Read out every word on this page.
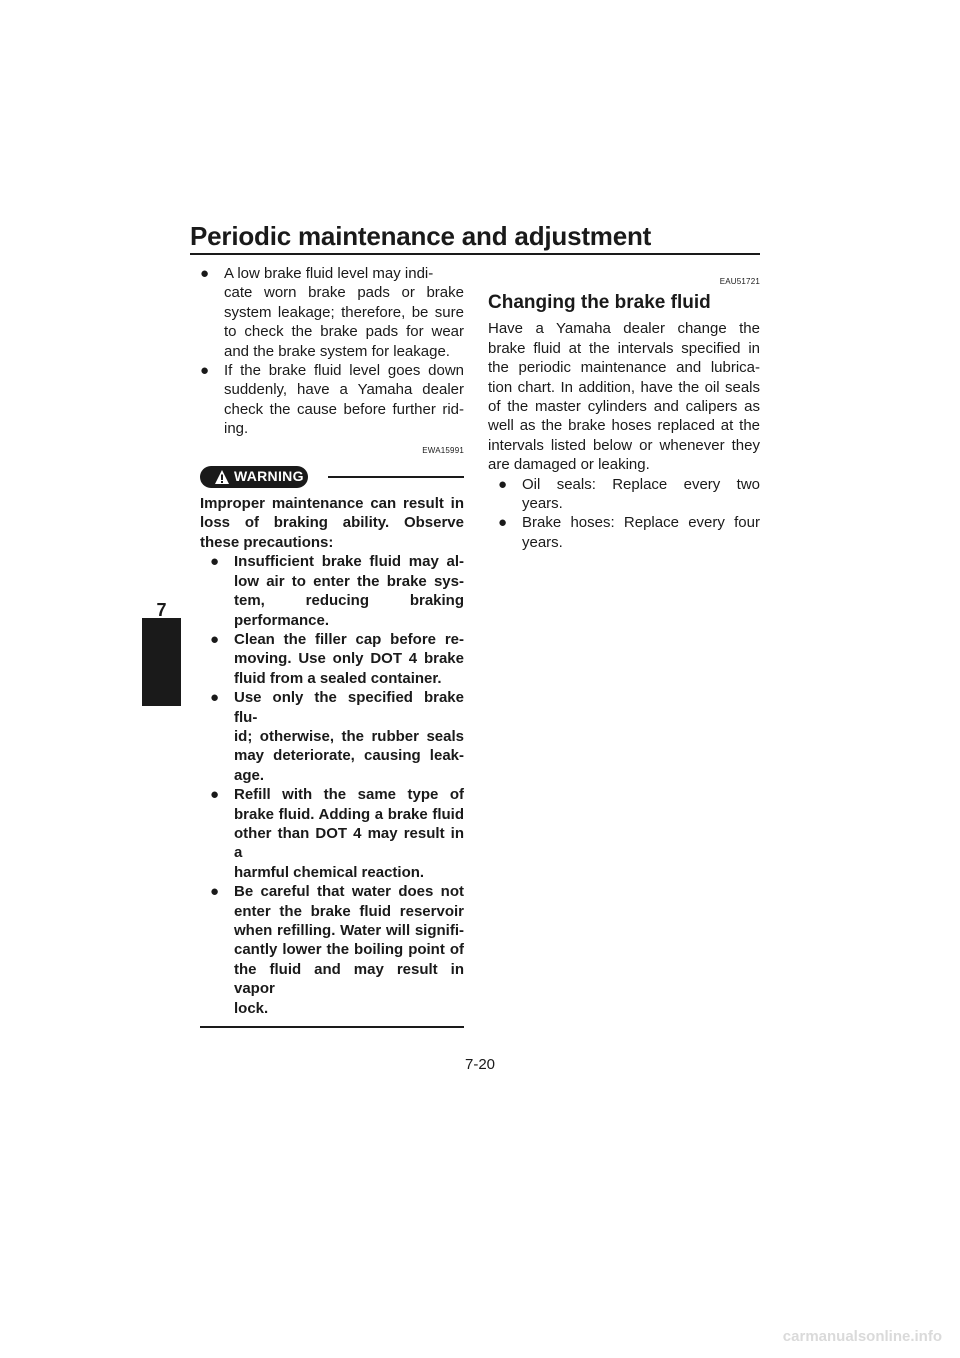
Periodic maintenance and adjustment
7
● A low brake fluid level may indi-
cate worn brake pads or brake
system leakage; therefore, be sure
to check the brake pads for wear
and the brake system for leakage.
● If the brake fluid level goes down
suddenly, have a Yamaha dealer
check the cause before further rid-
ing.
EWA15991
WARNING
Improper maintenance can result in
loss of braking ability. Observe
these precautions:
● Insufficient brake fluid may al-
low air to enter the brake sys-
tem, reducing braking
performance.
● Clean the filler cap before re-
moving. Use only DOT 4 brake
fluid from a sealed container.
● Use only the specified brake flu-
id; otherwise, the rubber seals
may deteriorate, causing leak-
age.
● Refill with the same type of
brake fluid. Adding a brake fluid
other than DOT 4 may result in a
harmful chemical reaction.
● Be careful that water does not
enter the brake fluid reservoir
when refilling. Water will signifi-
cantly lower the boiling point of
the fluid and may result in vapor
lock.
EAU51721
Changing the brake fluid
Have a Yamaha dealer change the
brake fluid at the intervals specified in
the periodic maintenance and lubrica-
tion chart. In addition, have the oil seals
of the master cylinders and calipers as
well as the brake hoses replaced at the
intervals listed below or whenever they
are damaged or leaking.
● Oil seals: Replace every two
years.
● Brake hoses: Replace every four
years.
7-20
carmanualsonline.info
